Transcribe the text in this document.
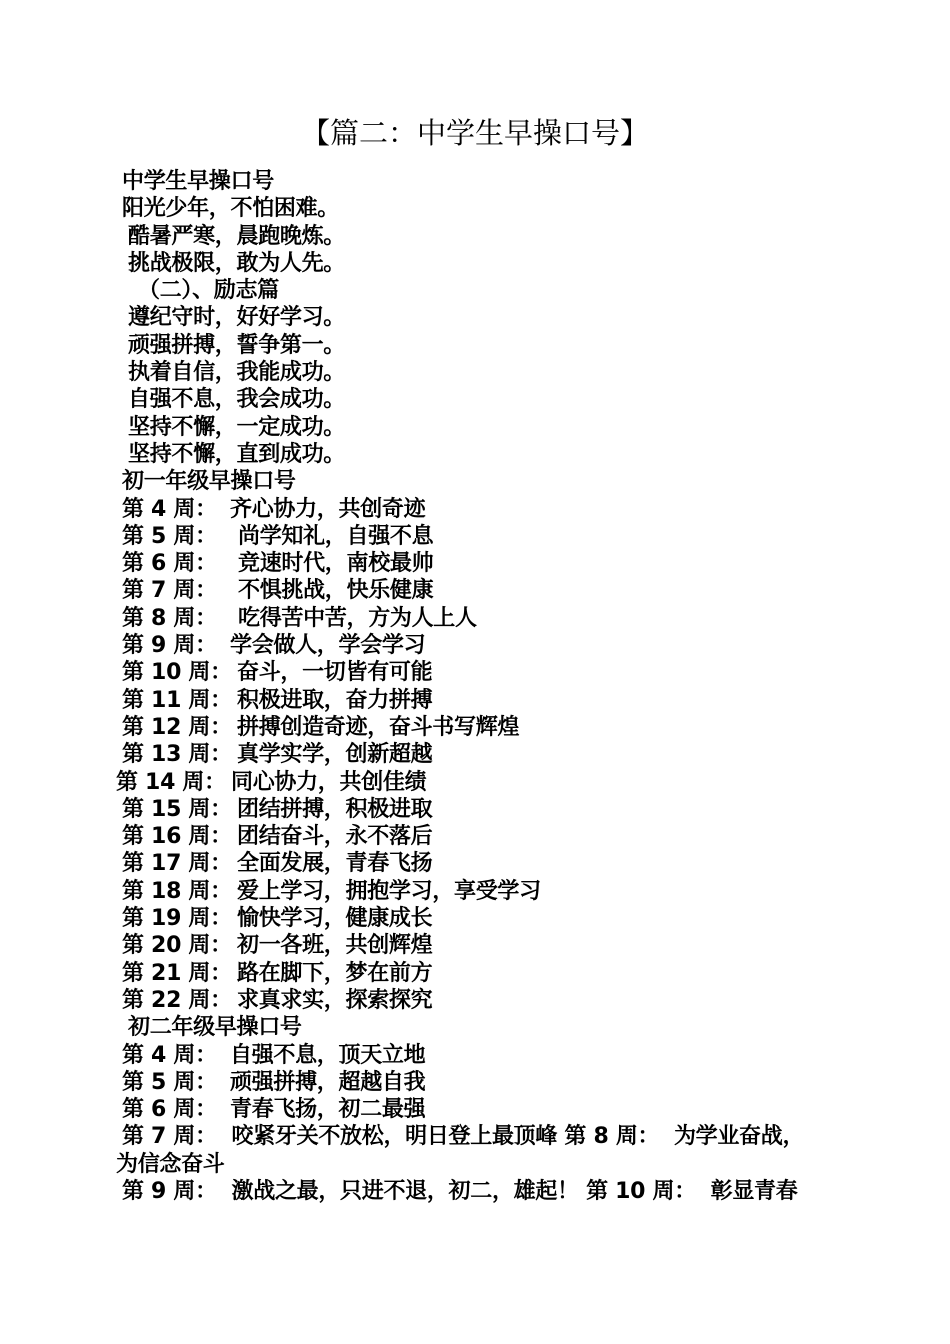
【篇二：中学生早操口号】
中学生早操口号
阳光少年，不怕困难。
酷暑严寒，晨跑晚炼。
挑战极限，敢为人先。
（二）、励志篇
遵纪守时，好好学习。
顽强拼搏，誓争第一。
执着自信，我能成功。
自强不息，我会成功。
坚持不懈，一定成功。
坚持不懈，直到成功。
初一年级早操口号
第 4 周： 齐心协力，共创奇迹
第 5 周： 尚学知礼，自强不息
第 6 周： 竞速时代，南校最帅
第 7 周： 不惧挑战，快乐健康
第 8 周： 吃得苦中苦，方为人上人
第 9 周： 学会做人，学会学习
第 10 周： 奋斗，一切皆有可能
第 11 周： 积极进取，奋力拼搏
第 12 周： 拼搏创造奇迹，奋斗书写辉煌
第 13 周： 真学实学，创新超越
第 14 周： 同心协力，共创佳绩
第 15 周： 团结拼搏，积极进取
第 16 周： 团结奋斗，永不落后
第 17 周： 全面发展，青春飞扬
第 18 周： 爱上学习，拥抱学习，享受学习
第 19 周： 愉快学习，健康成长
第 20 周： 初一各班，共创辉煌
第 21 周： 路在脚下，梦在前方
第 22 周： 求真求实，探索探究
初二年级早操口号
第 4 周： 自强不息，顶天立地
第 5 周： 顽强拼搏，超越自我
第 6 周： 青春飞扬，初二最强
第 7 周：  咬紧牙关不放松，明日登上最顶峰 第 8 周：  为学业奋战，
为信念奋斗
第 9 周：  激战之最，只进不退，初二，雄起！ 第 10 周：  彰显青春
